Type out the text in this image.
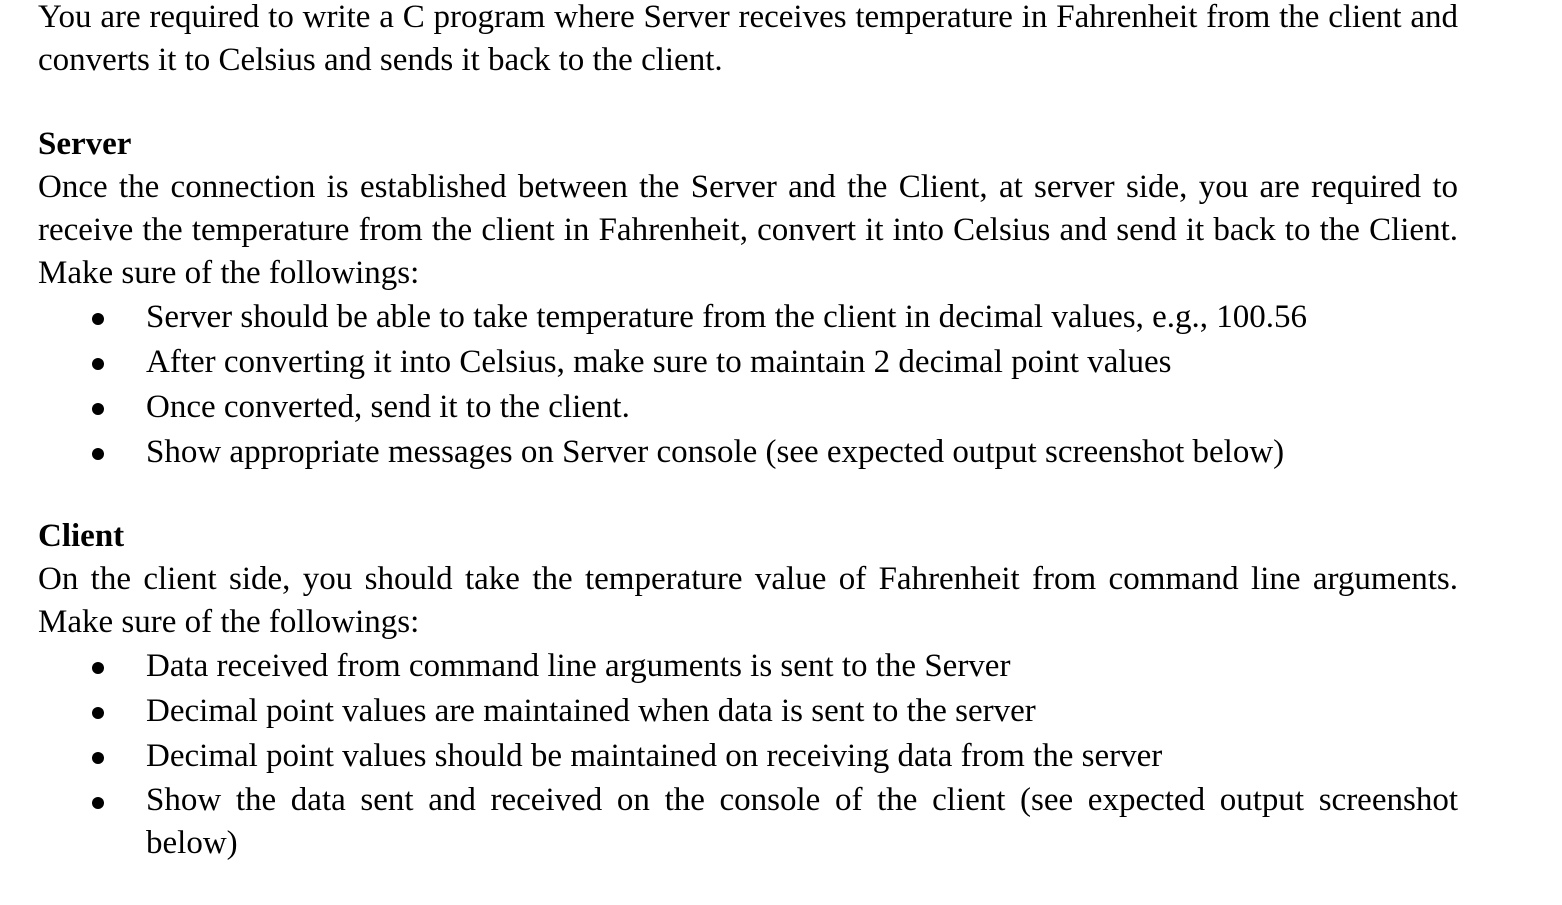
You are required to write a C program where Server receives temperature in Fahrenheit from the client and converts it to Celsius and sends it back to the client.

Server

Once the connection is established between the Server and the Client, at server side, you are required to receive the temperature from the client in Fahrenheit, convert it into Celsius and send it back to the Client. Make sure of the followings:

Server should be able to take temperature from the client in decimal values, e.g., 100.56
After converting it into Celsius, make sure to maintain 2 decimal point values
Once converted, send it to the client.
Show appropriate messages on Server console (see expected output screenshot below)

Client

On the client side, you should take the temperature value of Fahrenheit from command line arguments. Make sure of the followings:

Data received from command line arguments is sent to the Server
Decimal point values are maintained when data is sent to the server
Decimal point values should be maintained on receiving data from the server
Show the data sent and received on the console of the client (see expected output screenshot below)
